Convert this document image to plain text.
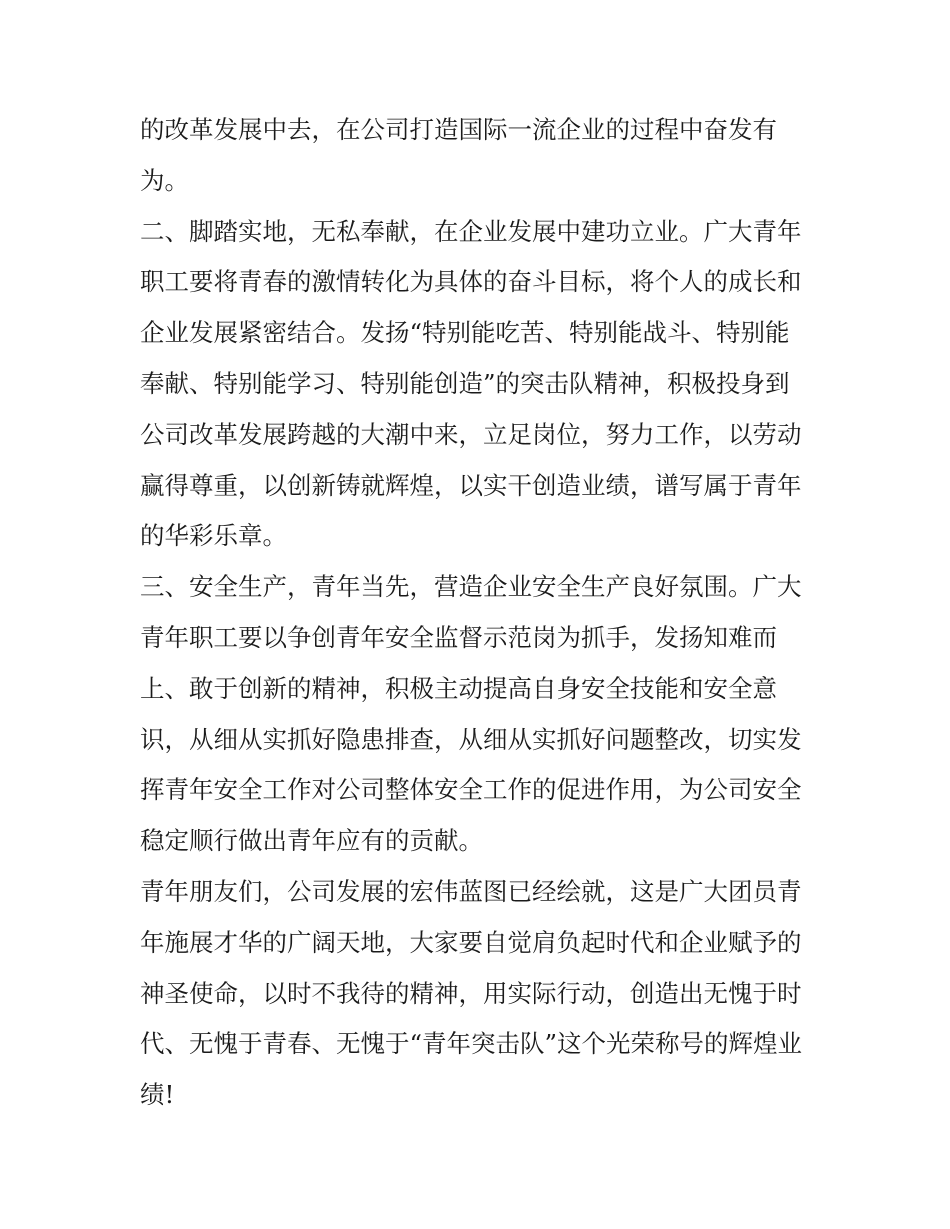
的改革发展中去，在公司打造国际一流企业的过程中奋发有
为。
二、脚踏实地，无私奉献，在企业发展中建功立业。广大青年
职工要将青春的激情转化为具体的奋斗目标，将个人的成长和
企业发展紧密结合。发扬“特别能吃苦、特别能战斗、特别能
奉献、特别能学习、特别能创造”的突击队精神，积极投身到
公司改革发展跨越的大潮中来，立足岗位，努力工作，以劳动
赢得尊重，以创新铸就辉煌，以实干创造业绩，谱写属于青年
的华彩乐章。
三、安全生产，青年当先，营造企业安全生产良好氛围。广大
青年职工要以争创青年安全监督示范岗为抓手，发扬知难而
上、敢于创新的精神，积极主动提高自身安全技能和安全意
识，从细从实抓好隐患排查，从细从实抓好问题整改，切实发
挥青年安全工作对公司整体安全工作的促进作用，为公司安全
稳定顺行做出青年应有的贡献。
青年朋友们，公司发展的宏伟蓝图已经绘就，这是广大团员青
年施展才华的广阔天地，大家要自觉肩负起时代和企业赋予的
神圣使命，以时不我待的精神，用实际行动，创造出无愧于时
代、无愧于青春、无愧于“青年突击队”这个光荣称号的辉煌业
绩!
